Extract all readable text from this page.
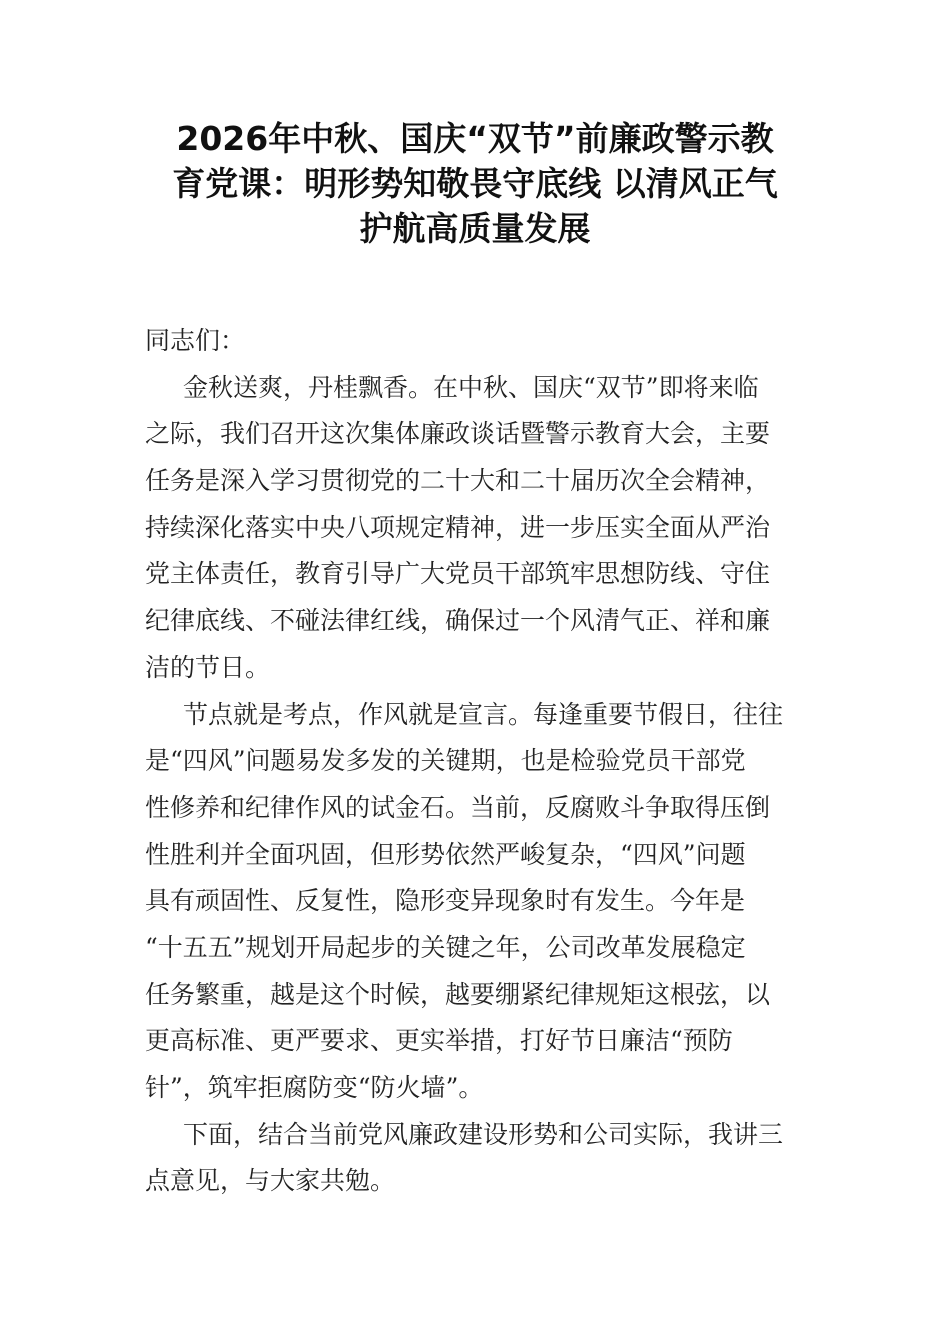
2026年中秋、国庆“双节”前廉政警示教
育党课：明形势知敬畏守底线 以清风正气
护航高质量发展
同志们：
金秋送爽，丹桂飘香。在中秋、国庆“双节”即将来临
之际，我们召开这次集体廉政谈话暨警示教育大会，主要
任务是深入学习贯彻党的二十大和二十届历次全会精神，
持续深化落实中央八项规定精神，进一步压实全面从严治
党主体责任，教育引导广大党员干部筑牢思想防线、守住
纪律底线、不碰法律红线，确保过一个风清气正、祥和廉
洁的节日。
节点就是考点，作风就是宣言。每逢重要节假日，往往
是“四风”问题易发多发的关键期，也是检验党员干部党
性修养和纪律作风的试金石。当前，反腐败斗争取得压倒
性胜利并全面巩固，但形势依然严峻复杂，“四风”问题
具有顽固性、反复性，隐形变异现象时有发生。今年是
“十五五”规划开局起步的关键之年，公司改革发展稳定
任务繁重，越是这个时候，越要绷紧纪律规矩这根弦，以
更高标准、更严要求、更实举措，打好节日廉洁“预防
针”，筑牢拒腐防变“防火墙”。
下面，结合当前党风廉政建设形势和公司实际，我讲三
点意见，与大家共勉。
